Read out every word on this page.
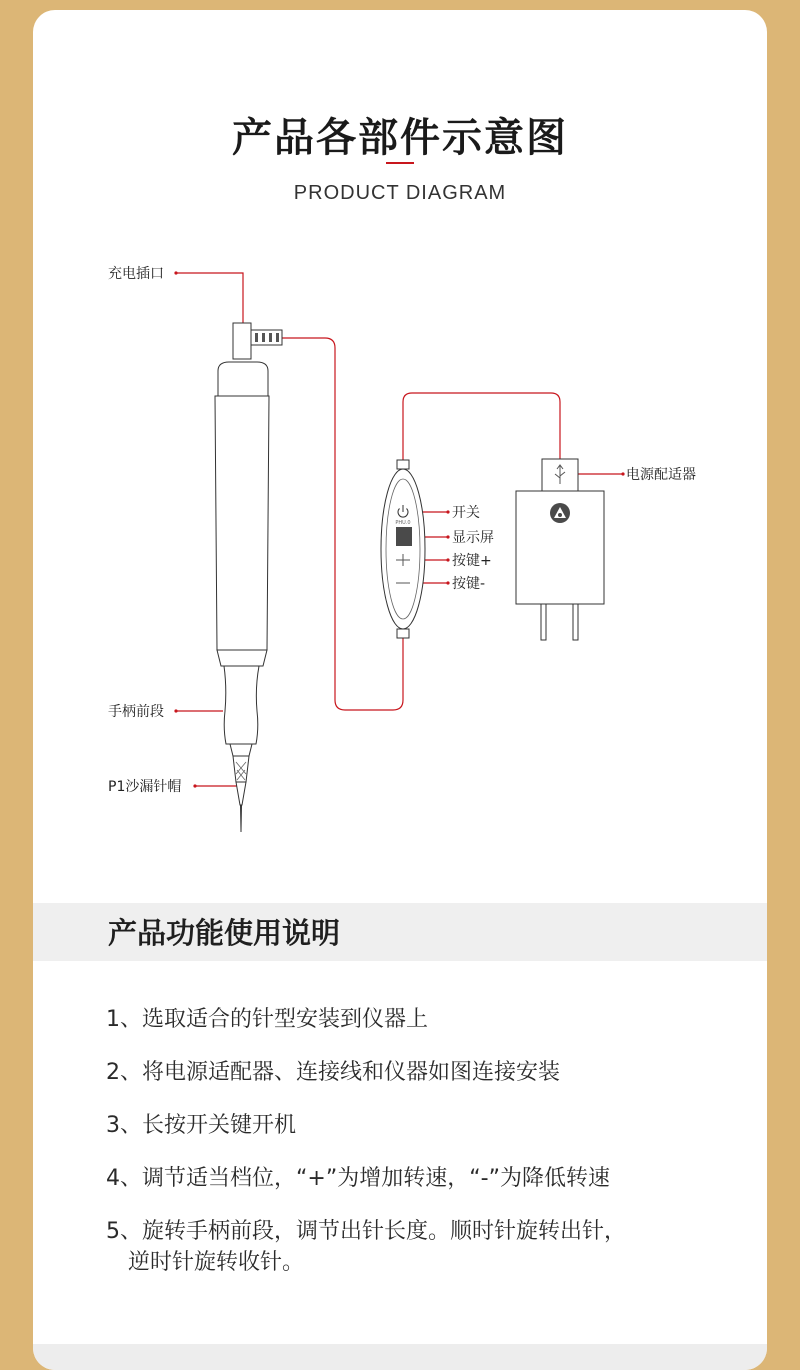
产品各部件示意图
PRODUCT DIAGRAM
PHU.0
充电插口
手柄前段
P1沙漏针帽
开关
显示屏
按键+
按键-
电源配适器
产品功能使用说明
1、选取适合的针型安装到仪器上
2、将电源适配器、连接线和仪器如图连接安装
3、长按开关键开机
4、调节适当档位，“+”为增加转速，“-”为降低转速
5、旋转手柄前段，调节出针长度。顺时针旋转出针，
逆时针旋转收针。
